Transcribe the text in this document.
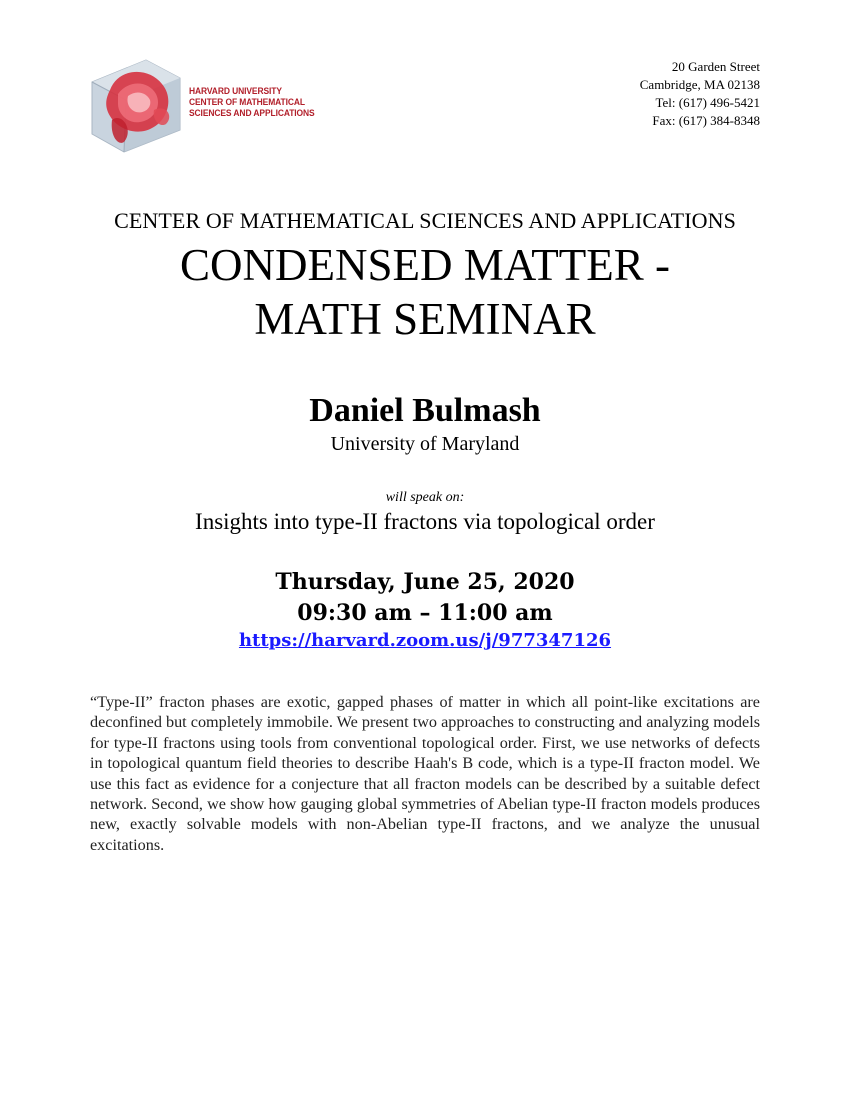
HARVARD UNIVERSITY
CENTER OF MATHEMATICAL
SCIENCES AND APPLICATIONS
20 Garden Street
Cambridge, MA 02138
Tel: (617) 496-5421
Fax: (617) 384-8348
CENTER OF MATHEMATICAL SCIENCES AND APPLICATIONS
CONDENSED MATTER -
MATH SEMINAR
Daniel Bulmash
University of Maryland
will speak on:
Insights into type-II fractons via topological order
Thursday, June 25, 2020
09:30 am – 11:00 am
https://harvard.zoom.us/j/977347126
“Type-II” fracton phases are exotic, gapped phases of matter in which all point-like excitations are deconfined but completely immobile. We present two approaches to constructing and analyzing models for type-II fractons using tools from conventional topological order. First, we use networks of defects in topological quantum field theories to describe Haah's B code, which is a type-II fracton model. We use this fact as evidence for a conjecture that all fracton models can be described by a suitable defect network. Second, we show how gauging global symmetries of Abelian type-II fracton models produces new, exactly solvable models with non-Abelian type-II fractons, and we analyze the unusual excitations.
